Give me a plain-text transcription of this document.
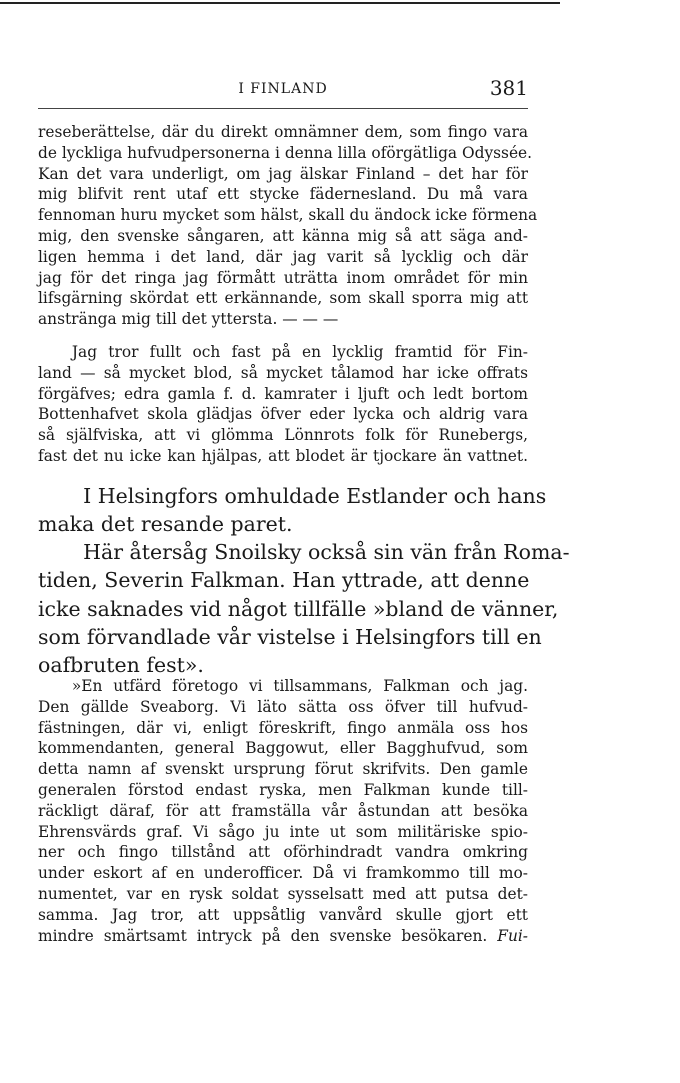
I FINLAND	381
reseberättelse, där du direkt omnämner dem, som fingo vara
de lyckliga hufvudpersonerna i denna lilla oförgätliga Odyssée.
Kan det vara underligt, om jag älskar Finland – det har för
mig blifvit rent utaf ett stycke fädernesland. Du må vara
fennoman huru mycket som hälst, skall du ändock icke förmena
mig, den svenske sångaren, att känna mig så att säga and-
ligen hemma i det land, där jag varit så lycklig och där
jag för det ringa jag förmått uträtta inom området för min
lifsgärning skördat ett erkännande, som skall sporra mig att
anstränga mig till det yttersta. — — —
Jag tror fullt och fast på en lycklig framtid för Fin-
land — så mycket blod, så mycket tålamod har icke offrats
förgäfves; edra gamla f. d. kamrater i ljuft och ledt bortom
Bottenhafvet skola glädjas öfver eder lycka och aldrig vara
så själfviska, att vi glömma Lönnrots folk för Runebergs,
fast det nu icke kan hjälpas, att blodet är tjockare än vattnet.
I Helsingfors omhuldade Estlander och hans
maka det resande paret.
Här återsåg Snoilsky också sin vän från Roma-
tiden, Severin Falkman. Han yttrade, att denne
icke saknades vid något tillfälle »bland de vänner,
som förvandlade vår vistelse i Helsingfors till en
oafbruten fest».
»En utfärd företogo vi tillsammans, Falkman och jag.
Den gällde Sveaborg. Vi läto sätta oss öfver till hufvud-
fästningen, där vi, enligt föreskrift, fingo anmäla oss hos
kommendanten, general Baggowut, eller Bagghufvud, som
detta namn af svenskt ursprung förut skrifvits. Den gamle
generalen förstod endast ryska, men Falkman kunde till-
räckligt däraf, för att framställa vår åstundan att besöka
Ehrensvärds graf. Vi sågo ju inte ut som militäriske spio-
ner och fingo tillstånd att oförhindradt vandra omkring
under eskort af en underofficer. Då vi framkommo till mo-
numentet, var en rysk soldat sysselsatt med att putsa det-
samma. Jag tror, att uppsåtlig vanvård skulle gjort ett
mindre smärtsamt intryck på den svenske besökaren. Fui-
